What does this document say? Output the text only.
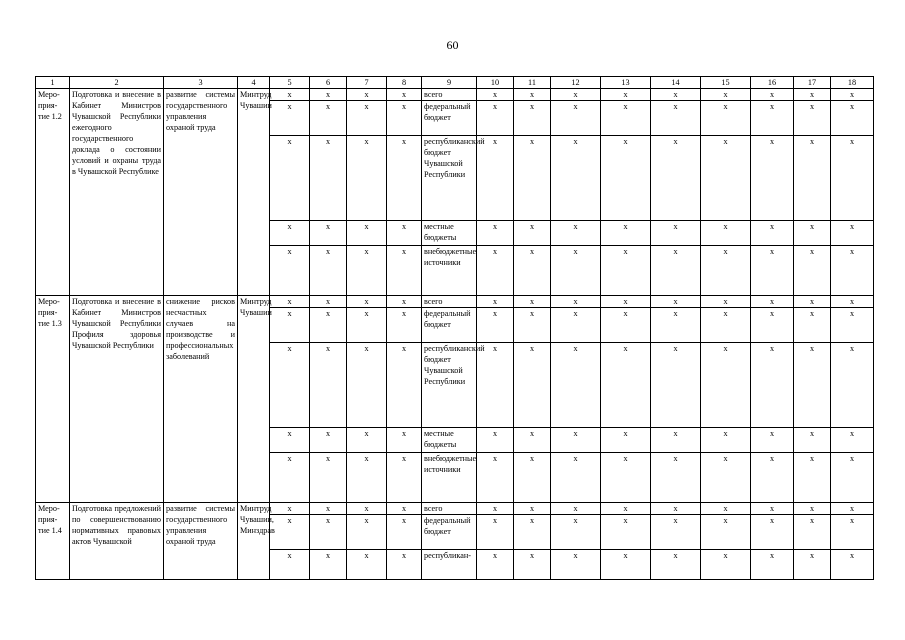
60
1	2	3	4	5	6	7	8	9	10	11	12	13	14	15	16	17	18
Меро-
прия-
тие 1.2	Подготовка и внесение в Кабинет Министров Чувашской Республики ежегодного государственного доклада о состоянии условий и охраны труда в Чувашской Республике	развитие системы государственного управления охраной труда	Минтруд Чувашии	x	x	x	x	всего	x	x	x	x	x	x	x	x	x
				x	x	x	x	федеральный бюджет	x	x	x	x	x	x	x	x	x
				x	x	x	x	республиканский бюджет Чувашской Республики	x	x	x	x	x	x	x	x	x
				x	x	x	x	местные бюджеты	x	x	x	x	x	x	x	x	x
				x	x	x	x	внебюджетные источники	x	x	x	x	x	x	x	x	x
Меро-
прия-
тие 1.3	Подготовка и внесение в Кабинет Министров Чувашской Республики Профиля здоровья Чувашской Республики	снижение рисков несчастных случаев на производстве и профессиональных заболеваний	Минтруд Чувашии	x	x	x	x	всего	x	x	x	x	x	x	x	x	x
				x	x	x	x	федеральный бюджет	x	x	x	x	x	x	x	x	x
				x	x	x	x	республиканский бюджет Чувашской Республики	x	x	x	x	x	x	x	x	x
				x	x	x	x	местные бюджеты	x	x	x	x	x	x	x	x	x
				x	x	x	x	внебюджетные источники	x	x	x	x	x	x	x	x	x
Меро-
прия-
тие 1.4	Подготовка предложений по совершенствованию нормативных правовых актов Чувашской	развитие системы государственного управления охраной труда	Минтруд Чувашии, Минздрав	x	x	x	x	всего	x	x	x	x	x	x	x	x	x
				x	x	x	x	федеральный бюджет	x	x	x	x	x	x	x	x	x
				x	x	x	x	республикан-	x	x	x	x	x	x	x	x	x
